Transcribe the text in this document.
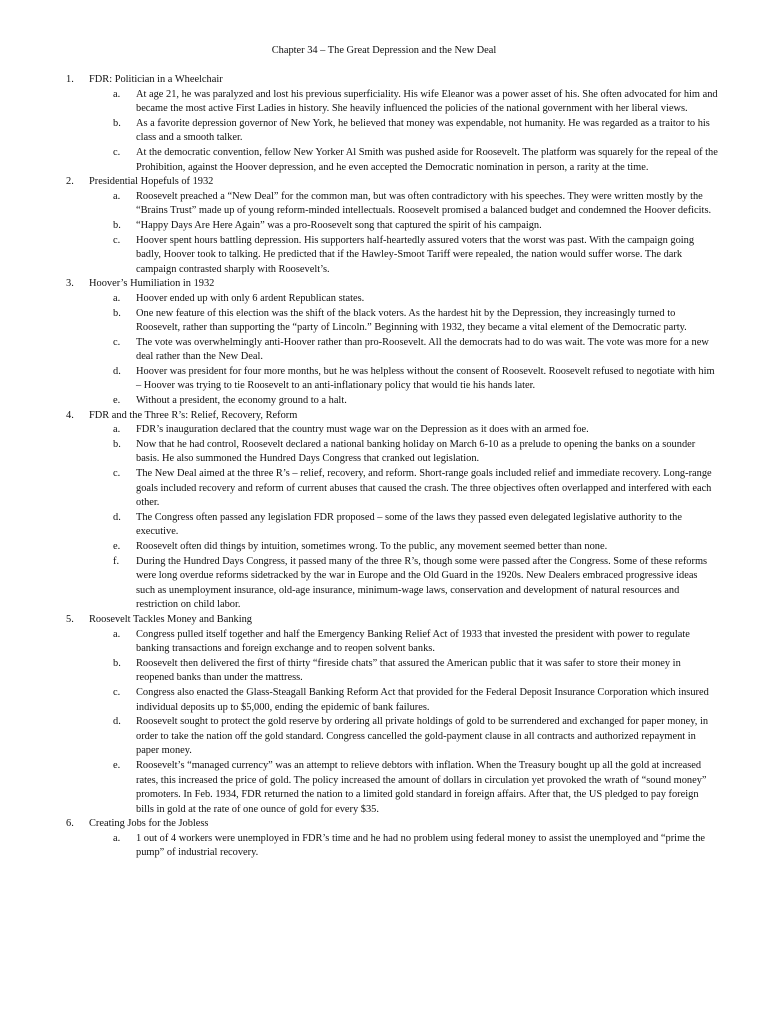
Chapter 34 – The Great Depression and the New Deal
1. FDR: Politician in a Wheelchair
a. At age 21, he was paralyzed and lost his previous superficiality. His wife Eleanor was a power asset of his. She often advocated for him and became the most active First Ladies in history. She heavily influenced the policies of the national government with her liberal views.
b. As a favorite depression governor of New York, he believed that money was expendable, not humanity. He was regarded as a traitor to his class and a smooth talker.
c. At the democratic convention, fellow New Yorker Al Smith was pushed aside for Roosevelt. The platform was squarely for the repeal of the Prohibition, against the Hoover depression, and he even accepted the Democratic nomination in person, a rarity at the time.
2. Presidential Hopefuls of 1932
a. Roosevelt preached a “New Deal” for the common man, but was often contradictory with his speeches. They were written mostly by the “Brains Trust” made up of young reform-minded intellectuals. Roosevelt promised a balanced budget and condemned the Hoover deficits.
b. “Happy Days Are Here Again” was a pro-Roosevelt song that captured the spirit of his campaign.
c. Hoover spent hours battling depression. His supporters half-heartedly assured voters that the worst was past. With the campaign going badly, Hoover took to talking. He predicted that if the Hawley-Smoot Tariff were repealed, the nation would suffer worse. The dark campaign contrasted sharply with Roosevelt’s.
3. Hoover’s Humiliation in 1932
a. Hoover ended up with only 6 ardent Republican states.
b. One new feature of this election was the shift of the black voters. As the hardest hit by the Depression, they increasingly turned to Roosevelt, rather than supporting the “party of Lincoln.” Beginning with 1932, they became a vital element of the Democratic party.
c. The vote was overwhelmingly anti-Hoover rather than pro-Roosevelt. All the democrats had to do was wait. The vote was more for a new deal rather than the New Deal.
d. Hoover was president for four more months, but he was helpless without the consent of Roosevelt. Roosevelt refused to negotiate with him – Hoover was trying to tie Roosevelt to an anti-inflationary policy that would tie his hands later.
e. Without a president, the economy ground to a halt.
4. FDR and the Three R’s: Relief, Recovery, Reform
a. FDR’s inauguration declared that the country must wage war on the Depression as it does with an armed foe.
b. Now that he had control, Roosevelt declared a national banking holiday on March 6-10 as a prelude to opening the banks on a sounder basis. He also summoned the Hundred Days Congress that cranked out legislation.
c. The New Deal aimed at the three R’s – relief, recovery, and reform. Short-range goals included relief and immediate recovery. Long-range goals included recovery and reform of current abuses that caused the crash. The three objectives often overlapped and interfered with each other.
d. The Congress often passed any legislation FDR proposed – some of the laws they passed even delegated legislative authority to the executive.
e. Roosevelt often did things by intuition, sometimes wrong. To the public, any movement seemed better than none.
f. During the Hundred Days Congress, it passed many of the three R’s, though some were passed after the Congress. Some of these reforms were long overdue reforms sidetracked by the war in Europe and the Old Guard in the 1920s. New Dealers embraced progressive ideas such as unemployment insurance, old-age insurance, minimum-wage laws, conservation and development of natural resources and restriction on child labor.
5. Roosevelt Tackles Money and Banking
a. Congress pulled itself together and half the Emergency Banking Relief Act of 1933 that invested the president with power to regulate banking transactions and foreign exchange and to reopen solvent banks.
b. Roosevelt then delivered the first of thirty “fireside chats” that assured the American public that it was safer to store their money in reopened banks than under the mattress.
c. Congress also enacted the Glass-Steagall Banking Reform Act that provided for the Federal Deposit Insurance Corporation which insured individual deposits up to $5,000, ending the epidemic of bank failures.
d. Roosevelt sought to protect the gold reserve by ordering all private holdings of gold to be surrendered and exchanged for paper money, in order to take the nation off the gold standard. Congress cancelled the gold-payment clause in all contracts and authorized repayment in paper money.
e. Roosevelt’s “managed currency” was an attempt to relieve debtors with inflation. When the Treasury bought up all the gold at increased rates, this increased the price of gold. The policy increased the amount of dollars in circulation yet provoked the wrath of “sound money” promoters. In Feb. 1934, FDR returned the nation to a limited gold standard in foreign affairs. After that, the US pledged to pay foreign bills in gold at the rate of one ounce of gold for every $35.
6. Creating Jobs for the Jobless
a. 1 out of 4 workers were unemployed in FDR’s time and he had no problem using federal money to assist the unemployed and “prime the pump” of industrial recovery.
